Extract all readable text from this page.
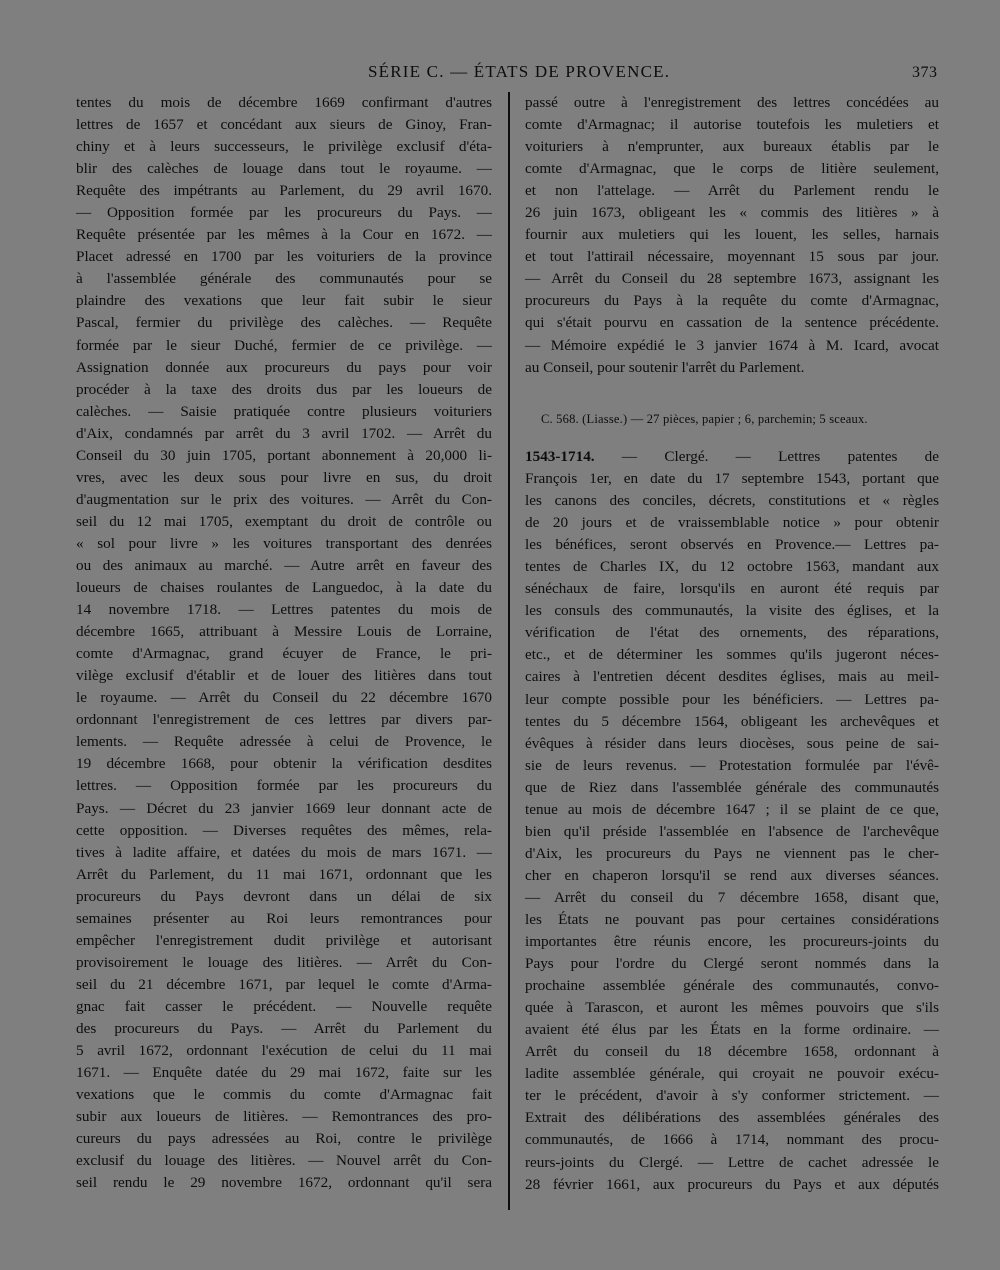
SÉRIE C. — ÉTATS DE PROVENCE.	373
tentes du mois de décembre 1669 confirmant d'autres
lettres de 1657 et concédant aux sieurs de Ginoy, Fran-
chiny et à leurs successeurs, le privilège exclusif d'éta-
blir des calèches de louage dans tout le royaume. —
Requête des impétrants au Parlement, du 29 avril 1670.
— Opposition formée par les procureurs du Pays. —
Requête présentée par les mêmes à la Cour en 1672. —
Placet adressé en 1700 par les voituriers de la province
à l'assemblée générale des communautés pour se
plaindre des vexations que leur fait subir le sieur
Pascal, fermier du privilège des calèches. — Requête
formée par le sieur Duché, fermier de ce privilège. —
Assignation donnée aux procureurs du pays pour voir
procéder à la taxe des droits dus par les loueurs de
calèches. — Saisie pratiquée contre plusieurs voituriers
d'Aix, condamnés par arrêt du 3 avril 1702. — Arrêt du
Conseil du 30 juin 1705, portant abonnement à 20,000 li-
vres, avec les deux sous pour livre en sus, du droit
d'augmentation sur le prix des voitures. — Arrêt du Con-
seil du 12 mai 1705, exemptant du droit de contrôle ou
« sol pour livre » les voitures transportant des denrées
ou des animaux au marché. — Autre arrêt en faveur des
loueurs de chaises roulantes de Languedoc, à la date du
14 novembre 1718. — Lettres patentes du mois de
décembre 1665, attribuant à Messire Louis de Lorraine,
comte d'Armagnac, grand écuyer de France, le pri-
vilège exclusif d'établir et de louer des litières dans tout
le royaume. — Arrêt du Conseil du 22 décembre 1670
ordonnant l'enregistrement de ces lettres par divers par-
lements. — Requête adressée à celui de Provence, le
19 décembre 1668, pour obtenir la vérification desdites
lettres. — Opposition formée par les procureurs du
Pays. — Décret du 23 janvier 1669 leur donnant acte de
cette opposition. — Diverses requêtes des mêmes, rela-
tives à ladite affaire, et datées du mois de mars 1671. —
Arrêt du Parlement, du 11 mai 1671, ordonnant que les
procureurs du Pays devront dans un délai de six
semaines présenter au Roi leurs remontrances pour
empêcher l'enregistrement dudit privilège et autorisant
provisoirement le louage des litières. — Arrêt du Con-
seil du 21 décembre 1671, par lequel le comte d'Arma-
gnac fait casser le précédent. — Nouvelle requête
des procureurs du Pays. — Arrêt du Parlement du
5 avril 1672, ordonnant l'exécution de celui du 11 mai
1671. — Enquête datée du 29 mai 1672, faite sur les
vexations que le commis du comte d'Armagnac fait
subir aux loueurs de litières. — Remontrances des pro-
cureurs du pays adressées au Roi, contre le privilège
exclusif du louage des litières. — Nouvel arrêt du Con-
seil rendu le 29 novembre 1672, ordonnant qu'il sera
passé outre à l'enregistrement des lettres concédées au
comte d'Armagnac; il autorise toutefois les muletiers et
voituriers à n'emprunter, aux bureaux établis par le
comte d'Armagnac, que le corps de litière seulement,
et non l'attelage. — Arrêt du Parlement rendu le
26 juin 1673, obligeant les « commis des litières » à
fournir aux muletiers qui les louent, les selles, harnais
et tout l'attirail nécessaire, moyennant 15 sous par jour.
— Arrêt du Conseil du 28 septembre 1673, assignant les
procureurs du Pays à la requête du comte d'Armagnac,
qui s'était pourvu en cassation de la sentence précédente.
— Mémoire expédié le 3 janvier 1674 à M. Icard, avocat
au Conseil, pour soutenir l'arrêt du Parlement.
C. 568. (Liasse.) — 27 pièces, papier ; 6, parchemin; 5 sceaux.
1543-1714. — Clergé. — Lettres patentes de
François 1er, en date du 17 septembre 1543, portant que
les canons des conciles, décrets, constitutions et « règles
de 20 jours et de vraissemblable notice » pour obtenir
les bénéfices, seront observés en Provence.— Lettres pa-
tentes de Charles IX, du 12 octobre 1563, mandant aux
sénéchaux de faire, lorsqu'ils en auront été requis par
les consuls des communautés, la visite des églises, et la
vérification de l'état des ornements, des réparations,
etc., et de déterminer les sommes qu'ils jugeront néces-
caires à l'entretien décent desdites églises, mais au meil-
leur compte possible pour les bénéficiers. — Lettres pa-
tentes du 5 décembre 1564, obligeant les archevêques et
évêques à résider dans leurs diocèses, sous peine de sai-
sie de leurs revenus. — Protestation formulée par l'évê-
que de Riez dans l'assemblée générale des communautés
tenue au mois de décembre 1647 ; il se plaint de ce que,
bien qu'il préside l'assemblée en l'absence de l'archevêque
d'Aix, les procureurs du Pays ne viennent pas le cher-
cher en chaperon lorsqu'il se rend aux diverses séances.
— Arrêt du conseil du 7 décembre 1658, disant que,
les États ne pouvant pas pour certaines considérations
importantes être réunis encore, les procureurs-joints du
Pays pour l'ordre du Clergé seront nommés dans la
prochaine assemblée générale des communautés, convo-
quée à Tarascon, et auront les mêmes pouvoirs que s'ils
avaient été élus par les États en la forme ordinaire. —
Arrêt du conseil du 18 décembre 1658, ordonnant à
ladite assemblée générale, qui croyait ne pouvoir exécu-
ter le précédent, d'avoir à s'y conformer strictement. —
Extrait des délibérations des assemblées générales des
communautés, de 1666 à 1714, nommant des procu-
reurs-joints du Clergé. — Lettre de cachet adressée le
28 février 1661, aux procureurs du Pays et aux députés
